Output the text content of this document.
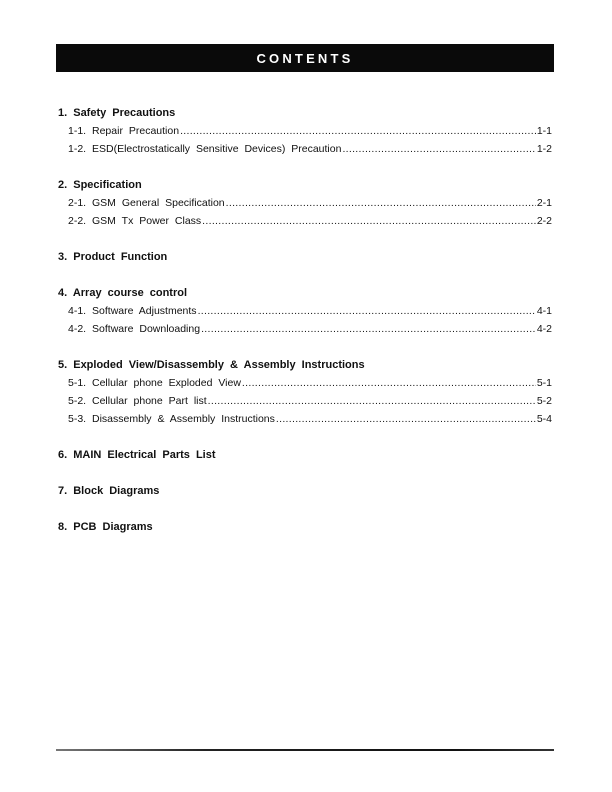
CONTENTS
1. Safety Precautions
1-1. Repair Precaution .....	1-1
1-2. ESD(Electrostatically Sensitive Devices) Precaution .....	1-2
2. Specification
2-1. GSM General Specification .....	2-1
2-2. GSM Tx Power Class .....	2-2
3. Product Function
4. Array course control
4-1. Software Adjustments .....	4-1
4-2. Software Downloading .....	4-2
5. Exploded View/Disassembly & Assembly Instructions
5-1. Cellular phone Exploded View .....	5-1
5-2. Cellular phone Part list .....	5-2
5-3. Disassembly & Assembly Instructions .....	5-4
6. MAIN Electrical Parts List
7. Block Diagrams
8. PCB Diagrams
